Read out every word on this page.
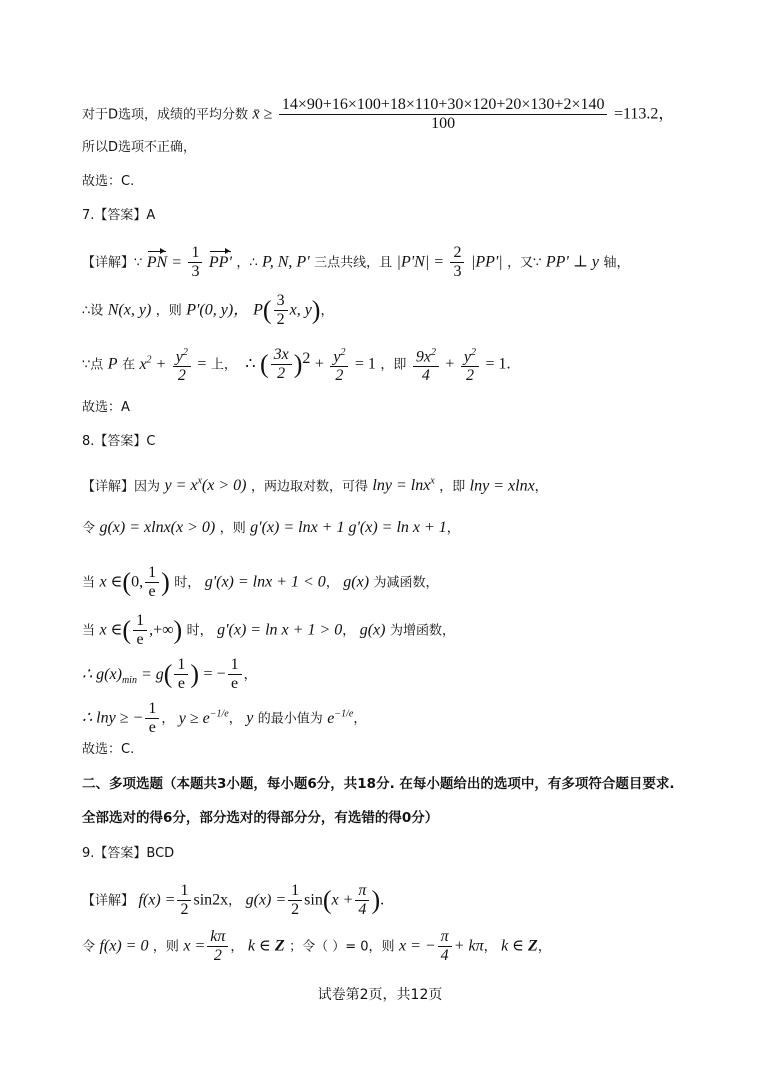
对于D选项，成绩的平均分数 x̄ ≥ $\frac{14\times 90+16\times 100+18\times 110+30\times 120+20\times 130+2\times 140}{100} =113.2$，
所以D选项不正确，
故选：C.
7.【答案】A
【详解】∵ PN = $\frac{1}{3} PP'$ ，∴ P, N, P' 三点共线，且 $|P'N| = \frac{2}{3} |PP'|$ ，又∵ PP' ⊥ y 轴，
∴设 N(x, y) ，则 P'(0, y)， $P( \frac{3}{2} x$, y)，
∵点 P 在 $x^2 + \frac{y^2}{2}$ = 上，  ∴ ( $\frac{3x}{2} )^2 + \frac{y^2}{2} = 1$ ，即 $\frac{9x^2}{4} + \frac{y^2}{2} = 1$.
故选：A
8.【答案】C
【详解】因为 $y = x^x(x > 0)$ ，两边取对数，可得 lny = lnx$^x$ ，即 lny = xlnx，
令 g(x) = xlnx(x > 0) ，则 g'(x) = lnx + 1 g'(x) = ln x + 1，
当 x ∈(0, $\frac{1}{e}$ ) 时， g'(x) = lnx + 1 < 0， g(x) 为减函数，
当 x ∈( $\frac{1}{e}$ ,+∞) 时， g'(x) = ln x + 1 > 0， g(x) 为增函数，
∴ $g(x)_{min} = g( \frac{1}{e}$ ) = − $\frac{1}{e}$ ，
∴ lny ≥ − $\frac{1}{e}$ ， $y \ge e^{-1/e}$， y 的最小值为 $e^{-1/e}$，
故选：C.
二、多项选题（本题共3小题，每小题6分，共18分. 在每小题给出的选项中，有多项符合题目要求.
全部选对的得6分，部分选对的得部分分，有选错的得0分）
9.【答案】BCD
【详解】 $f(x) = \frac{1}{2} \sin 2x$， $g(x) = \frac{1}{2} \sin(x + \frac{\pi}{4}$ ).
令 f(x) = 0 ，则 $x = \frac{k\pi}{2}$ ， k ∈ Z ；令（ ）= 0，则 x = − $\frac{\pi}{4} + k\pi$， k ∈ Z，
试卷第2页，共12页
